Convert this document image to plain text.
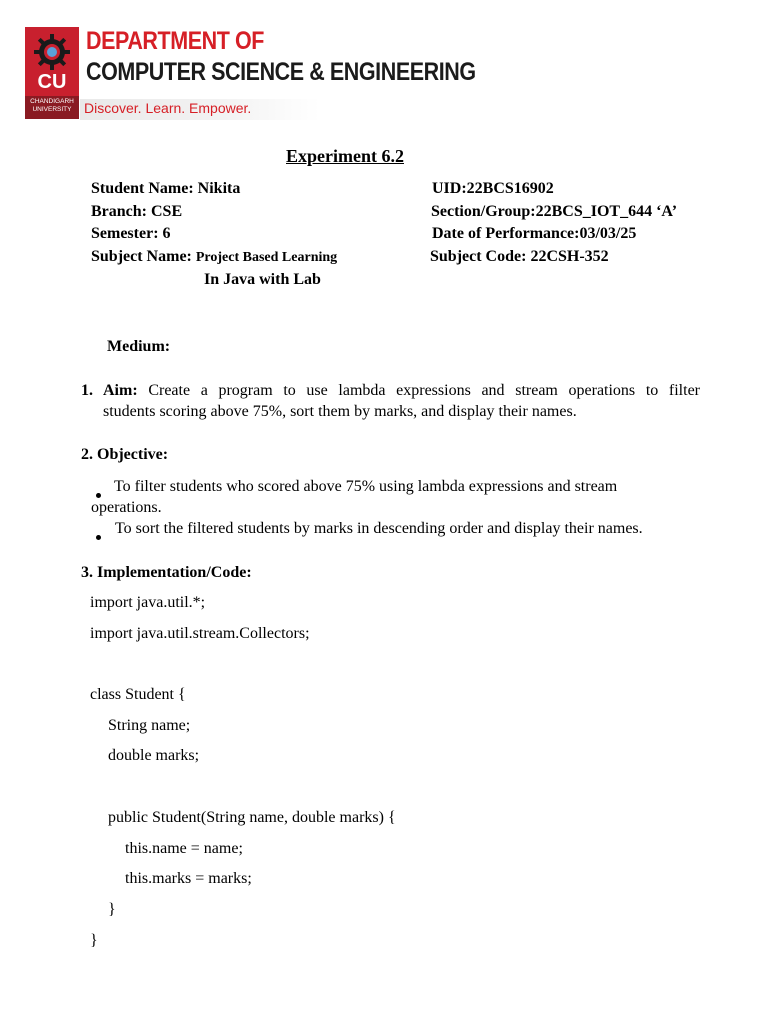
CU
CHANDIGARH
UNIVERSITY
DEPARTMENT OF
COMPUTER SCIENCE & ENGINEERING
Discover. Learn. Empower.
Experiment 6.2
Student Name: Nikita	UID:22BCS16902
Branch: CSE	Section/Group:22BCS_IOT_644 ‘A’
Semester: 6	Date of Performance:03/03/25
Subject Name: Project Based Learning	Subject Code: 22CSH-352
In Java with Lab
Medium:
1. Aim: Create a program to use lambda expressions and stream operations to filter
students scoring above 75%, sort them by marks, and display their names.
2. Objective:
To filter students who scored above 75% using lambda expressions and stream
operations.
To sort the filtered students by marks in descending order and display their names.
3. Implementation/Code:
import java.util.*;
import java.util.stream.Collectors;
class Student {
String name;
double marks;
public Student(String name, double marks) {
this.name = name;
this.marks = marks;
}
}
